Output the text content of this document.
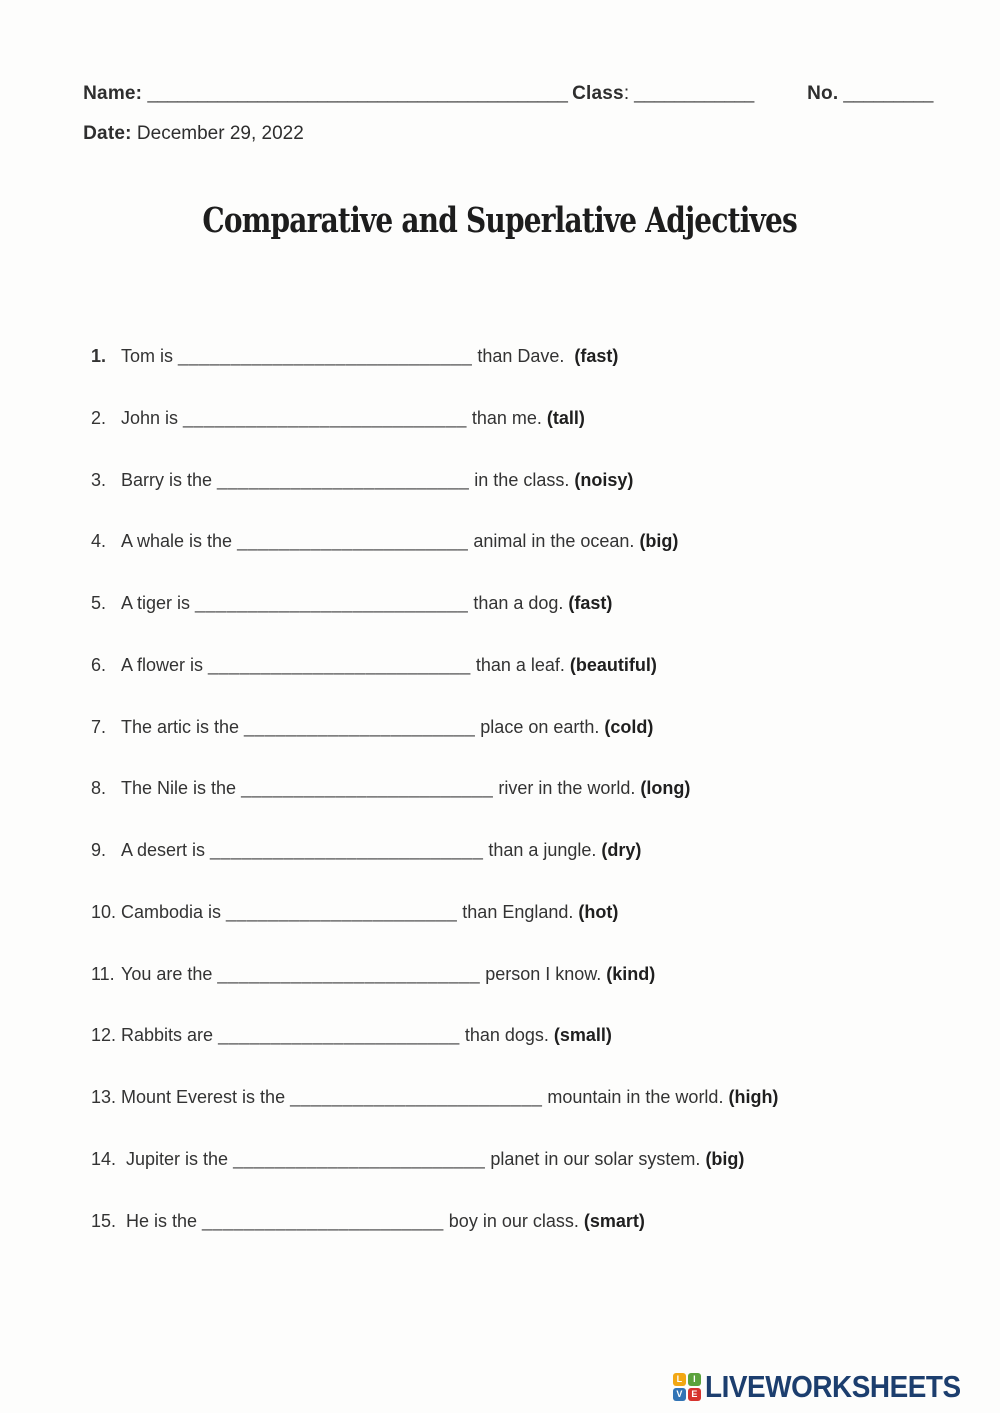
Name: __________________________________________
Class: ____________
	No. _________

Date: December 29, 2022

Comparative and Superlative Adjectives
1. Tom is ____________________________ than Dave.  (fast)
2. John is ___________________________ than me. (tall)
3. Barry is the ________________________ in the class. (noisy)
4. A whale is the ______________________ animal in the ocean. (big)
5. A tiger is __________________________ than a dog. (fast)
6. A flower is _________________________ than a leaf. (beautiful)
7. The artic is the ______________________ place on earth. (cold)
8. The Nile is the ________________________ river in the world. (long)
9. A desert is __________________________ than a jungle. (dry)
10. Cambodia is ______________________ than England. (hot)
11. You are the _________________________ person I know. (kind)
12. Rabbits are _______________________ than dogs. (small)
13. Mount Everest is the ________________________ mountain in the world. (high)
14. Jupiter is the ________________________ planet in our solar system. (big)
15. He is the _______________________ boy in our class. (smart)
L	I
V E LIVEWORKSHEETS
